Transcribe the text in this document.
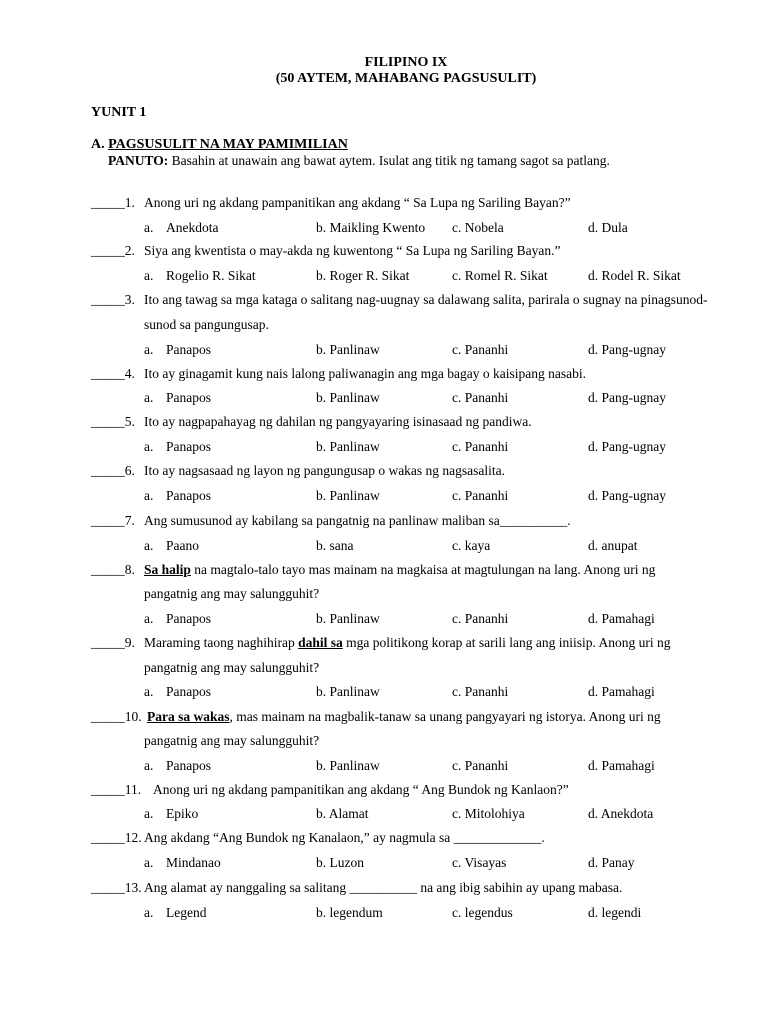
FILIPINO IX
(50 AYTEM, MAHABANG PAGSUSULIT)
YUNIT 1
A. PAGSUSULIT NA MAY PAMIMILIAN
PANUTO: Basahin at unawain ang bawat aytem. Isulat ang titik ng tamang sagot sa patlang.
_____1. Anong uri ng akdang pampanitikan ang akdang “ Sa Lupa ng Sariling Bayan?”
a. Anekdota	b. Maikling Kwento c. Nobela	d. Dula
_____2. Siya ang kwentista o may-akda ng kuwentong “ Sa Lupa ng Sariling Bayan.”
a. Rogelio R. Sikat	b. Roger R. Sikat	c. Romel R. Sikat	d. Rodel R. Sikat
_____3. Ito ang tawag sa mga kataga o salitang nag-uugnay sa dalawang salita, parirala o sugnay na pinagsunod-
sunod sa pangungusap.
a. Panapos	b. Panlinaw	c. Pananhi	d. Pang-ugnay
_____4. Ito ay ginagamit kung nais lalong paliwanagin ang mga bagay o kaisipang nasabi.
a. Panapos	b. Panlinaw	c. Pananhi	d. Pang-ugnay
_____5. Ito ay nagpapahayag ng dahilan ng pangyayaring isinasaad ng pandiwa.
a. Panapos	b. Panlinaw	c. Pananhi	d. Pang-ugnay
_____6. Ito ay nagsasaad ng layon ng pangungusap o wakas ng nagsasalita.
a. Panapos	b. Panlinaw	c. Pananhi	d. Pang-ugnay
_____7. Ang sumusunod ay kabilang sa pangatnig na panlinaw maliban sa__________.
a. Paano	b. sana	c. kaya	d. anupat
_____8. Sa halip na magtalo-talo tayo mas mainam na magkaisa at magtulungan na lang. Anong uri ng
pangatnig ang may salungguhit?
a. Panapos	b. Panlinaw	c. Pananhi	d. Pamahagi
_____9. Maraming taong naghihirap dahil sa mga politikong korap at sarili lang ang iniisip. Anong uri ng
pangatnig ang may salungguhit?
a. Panapos	b. Panlinaw	c. Pananhi	d. Pamahagi
_____10. Para sa wakas, mas mainam na magbalik-tanaw sa unang pangyayari ng istorya. Anong uri ng
pangatnig ang may salungguhit?
a. Panapos	b. Panlinaw	c. Pananhi	d. Pamahagi
_____11. Anong uri ng akdang pampanitikan ang akdang “ Ang Bundok ng Kanlaon?”
a. Epiko	b. Alamat	c. Mitolohiya	d. Anekdota
_____12. Ang akdang “Ang Bundok ng Kanalaon,” ay nagmula sa _____________.
a. Mindanao	b. Luzon	c. Visayas	d. Panay
_____13. Ang alamat ay nanggaling sa salitang __________ na ang ibig sabihin ay upang mabasa.
a. Legend	b. legendum	c. legendus	d. legendi
